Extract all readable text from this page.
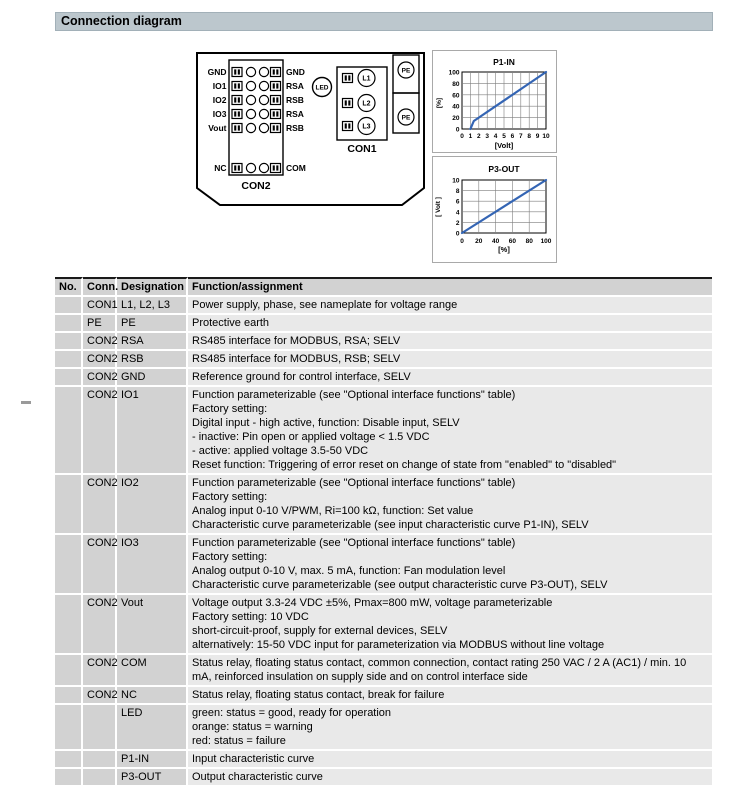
Connection diagram
GND	GND
IO1	RSA
IO2	RSB
IO3	RSA
Vout	RSB
NC	COM
CON2
LED
L1
L2
L3
CON1
PE
PE
P1-IN
100
80
60
40
20
0
0 1 2 3 4 5 6 7 8 9 10
[Volt]
[%]
P3-OUT
10
8
6
4
2
0
0 20 40 60 80 100
[%]
[ Volt ]
No.	Conn.	Designation	Function/assignment
	CON1	L1, L2, L3	Power supply, phase, see nameplate for voltage range

	PE	PE	Protective earth

	CON2	RSA	RS485 interface for MODBUS, RSA; SELV

	CON2	RSB	RS485 interface for MODBUS, RSB; SELV

	CON2	GND	Reference ground for control interface, SELV

	CON2	IO1	Function parameterizable (see "Optional interface functions" table)
Factory setting:
Digital input - high active, function: Disable input, SELV
- inactive: Pin open or applied voltage < 1.5 VDC
- active: applied voltage 3.5-50 VDC
Reset function: Triggering of error reset on change of state from "enabled" to "disabled"

	CON2	IO2	Function parameterizable (see "Optional interface functions" table)
Factory setting:
Analog input 0-10 V/PWM, Ri=100 kΩ, function: Set value
Characteristic curve parameterizable (see input characteristic curve P1-IN), SELV

	CON2	IO3	Function parameterizable (see "Optional interface functions" table)
Factory setting:
Analog output 0-10 V, max. 5 mA, function: Fan modulation level
Characteristic curve parameterizable (see output characteristic curve P3-OUT), SELV

	CON2	Vout	Voltage output 3.3-24 VDC ±5%, Pmax=800 mW, voltage parameterizable
Factory setting: 10 VDC
short-circuit-proof, supply for external devices, SELV
alternatively: 15-50 VDC input for parameterization via MODBUS without line voltage

	CON2	COM	Status relay, floating status contact, common connection, contact rating 250 VAC / 2 A (AC1) / min. 10 mA, reinforced insulation on supply side and on control interface side

	CON2	NC	Status relay, floating status contact, break for failure

		LED	green: status = good, ready for operation
orange: status = warning
red: status = failure

		P1-IN	Input characteristic curve

		P3-OUT	Output characteristic curve
